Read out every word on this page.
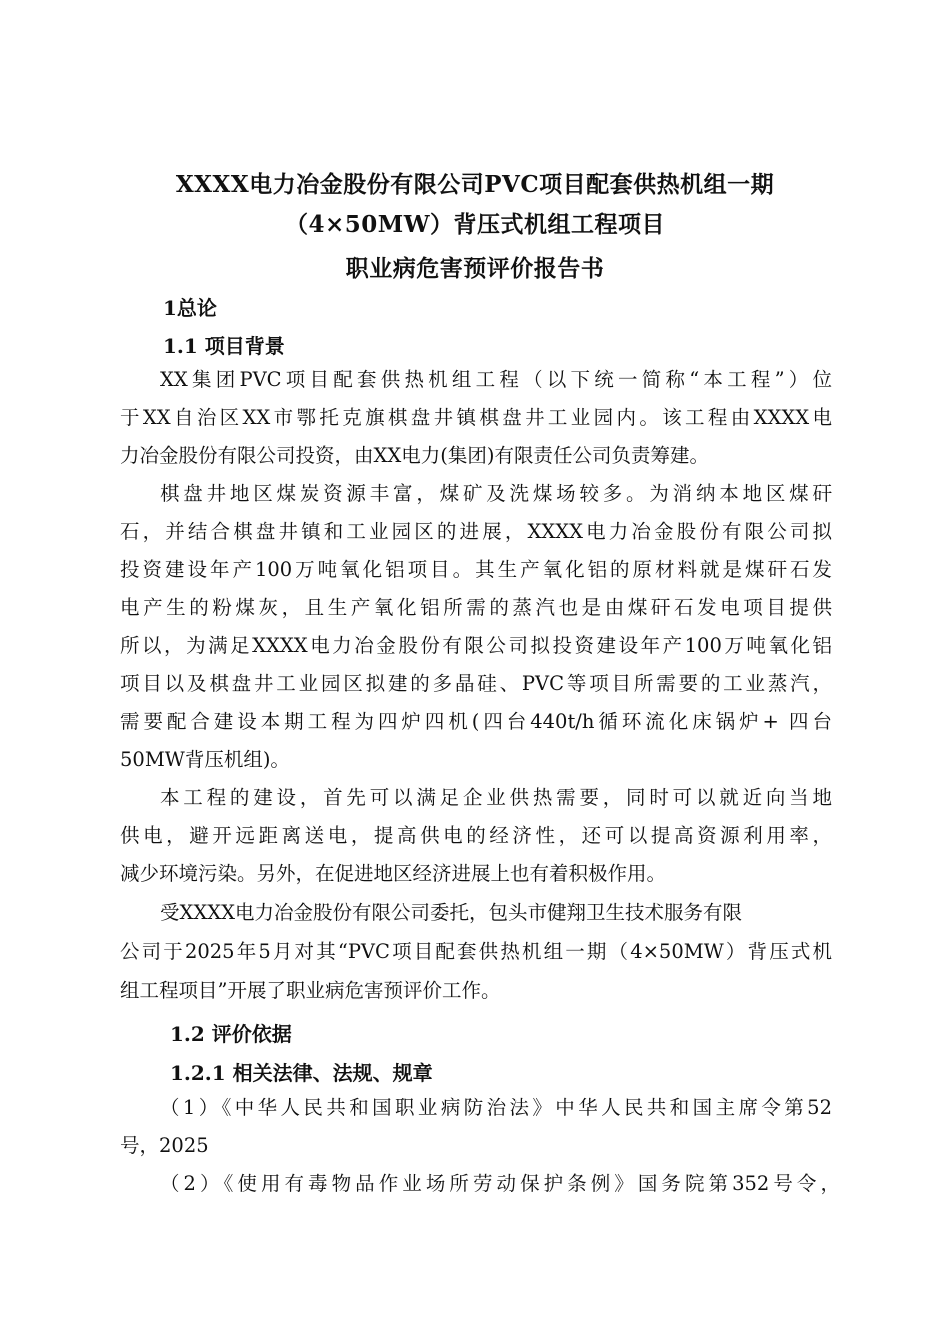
XXXX电力冶金股份有限公司PVC项目配套供热机组一期
（4×50MW）背压式机组工程项目
职业病危害预评价报告书
1总论
1.1 项目背景
XX集团PVC项目配套供热机组工程（以下统一简称“本工程”）位
于XX自治区XX市鄂托克旗棋盘井镇棋盘井工业园内。该工程由XXXX电
力冶金股份有限公司投资，由XX电力(集团)有限责任公司负责筹建。
棋盘井地区煤炭资源丰富，煤矿及洗煤场较多。为消纳本地区煤矸
石，并结合棋盘井镇和工业园区的进展，XXXX电力冶金股份有限公司拟
投资建设年产100万吨氧化铝项目。其生产氧化铝的原材料就是煤矸石发
电产生的粉煤灰，且生产氧化铝所需的蒸汽也是由煤矸石发电项目提供
所以，为满足XXXX电力冶金股份有限公司拟投资建设年产100万吨氧化铝
项目以及棋盘井工业园区拟建的多晶硅、PVC等项目所需要的工业蒸汽，
需要配合建设本期工程为四炉四机(四台440t/h循环流化床锅炉+ 四台
50MW背压机组)。
本工程的建设，首先可以满足企业供热需要，同时可以就近向当地
供电，避开远距离送电，提高供电的经济性，还可以提高资源利用率，
减少环境污染。另外，在促进地区经济进展上也有着积极作用。
受XXXX电力冶金股份有限公司委托，包头市健翔卫生技术服务有限
公司于2025年5月对其“PVC项目配套供热机组一期（4×50MW）背压式机
组工程项目”开展了职业病危害预评价工作。
1.2 评价依据
1.2.1 相关法律、法规、规章
（1）《中华人民共和国职业病防治法》中华人民共和国主席令第52
号，2025
（2）《使用有毒物品作业场所劳动保护条例》国务院第352号令，
